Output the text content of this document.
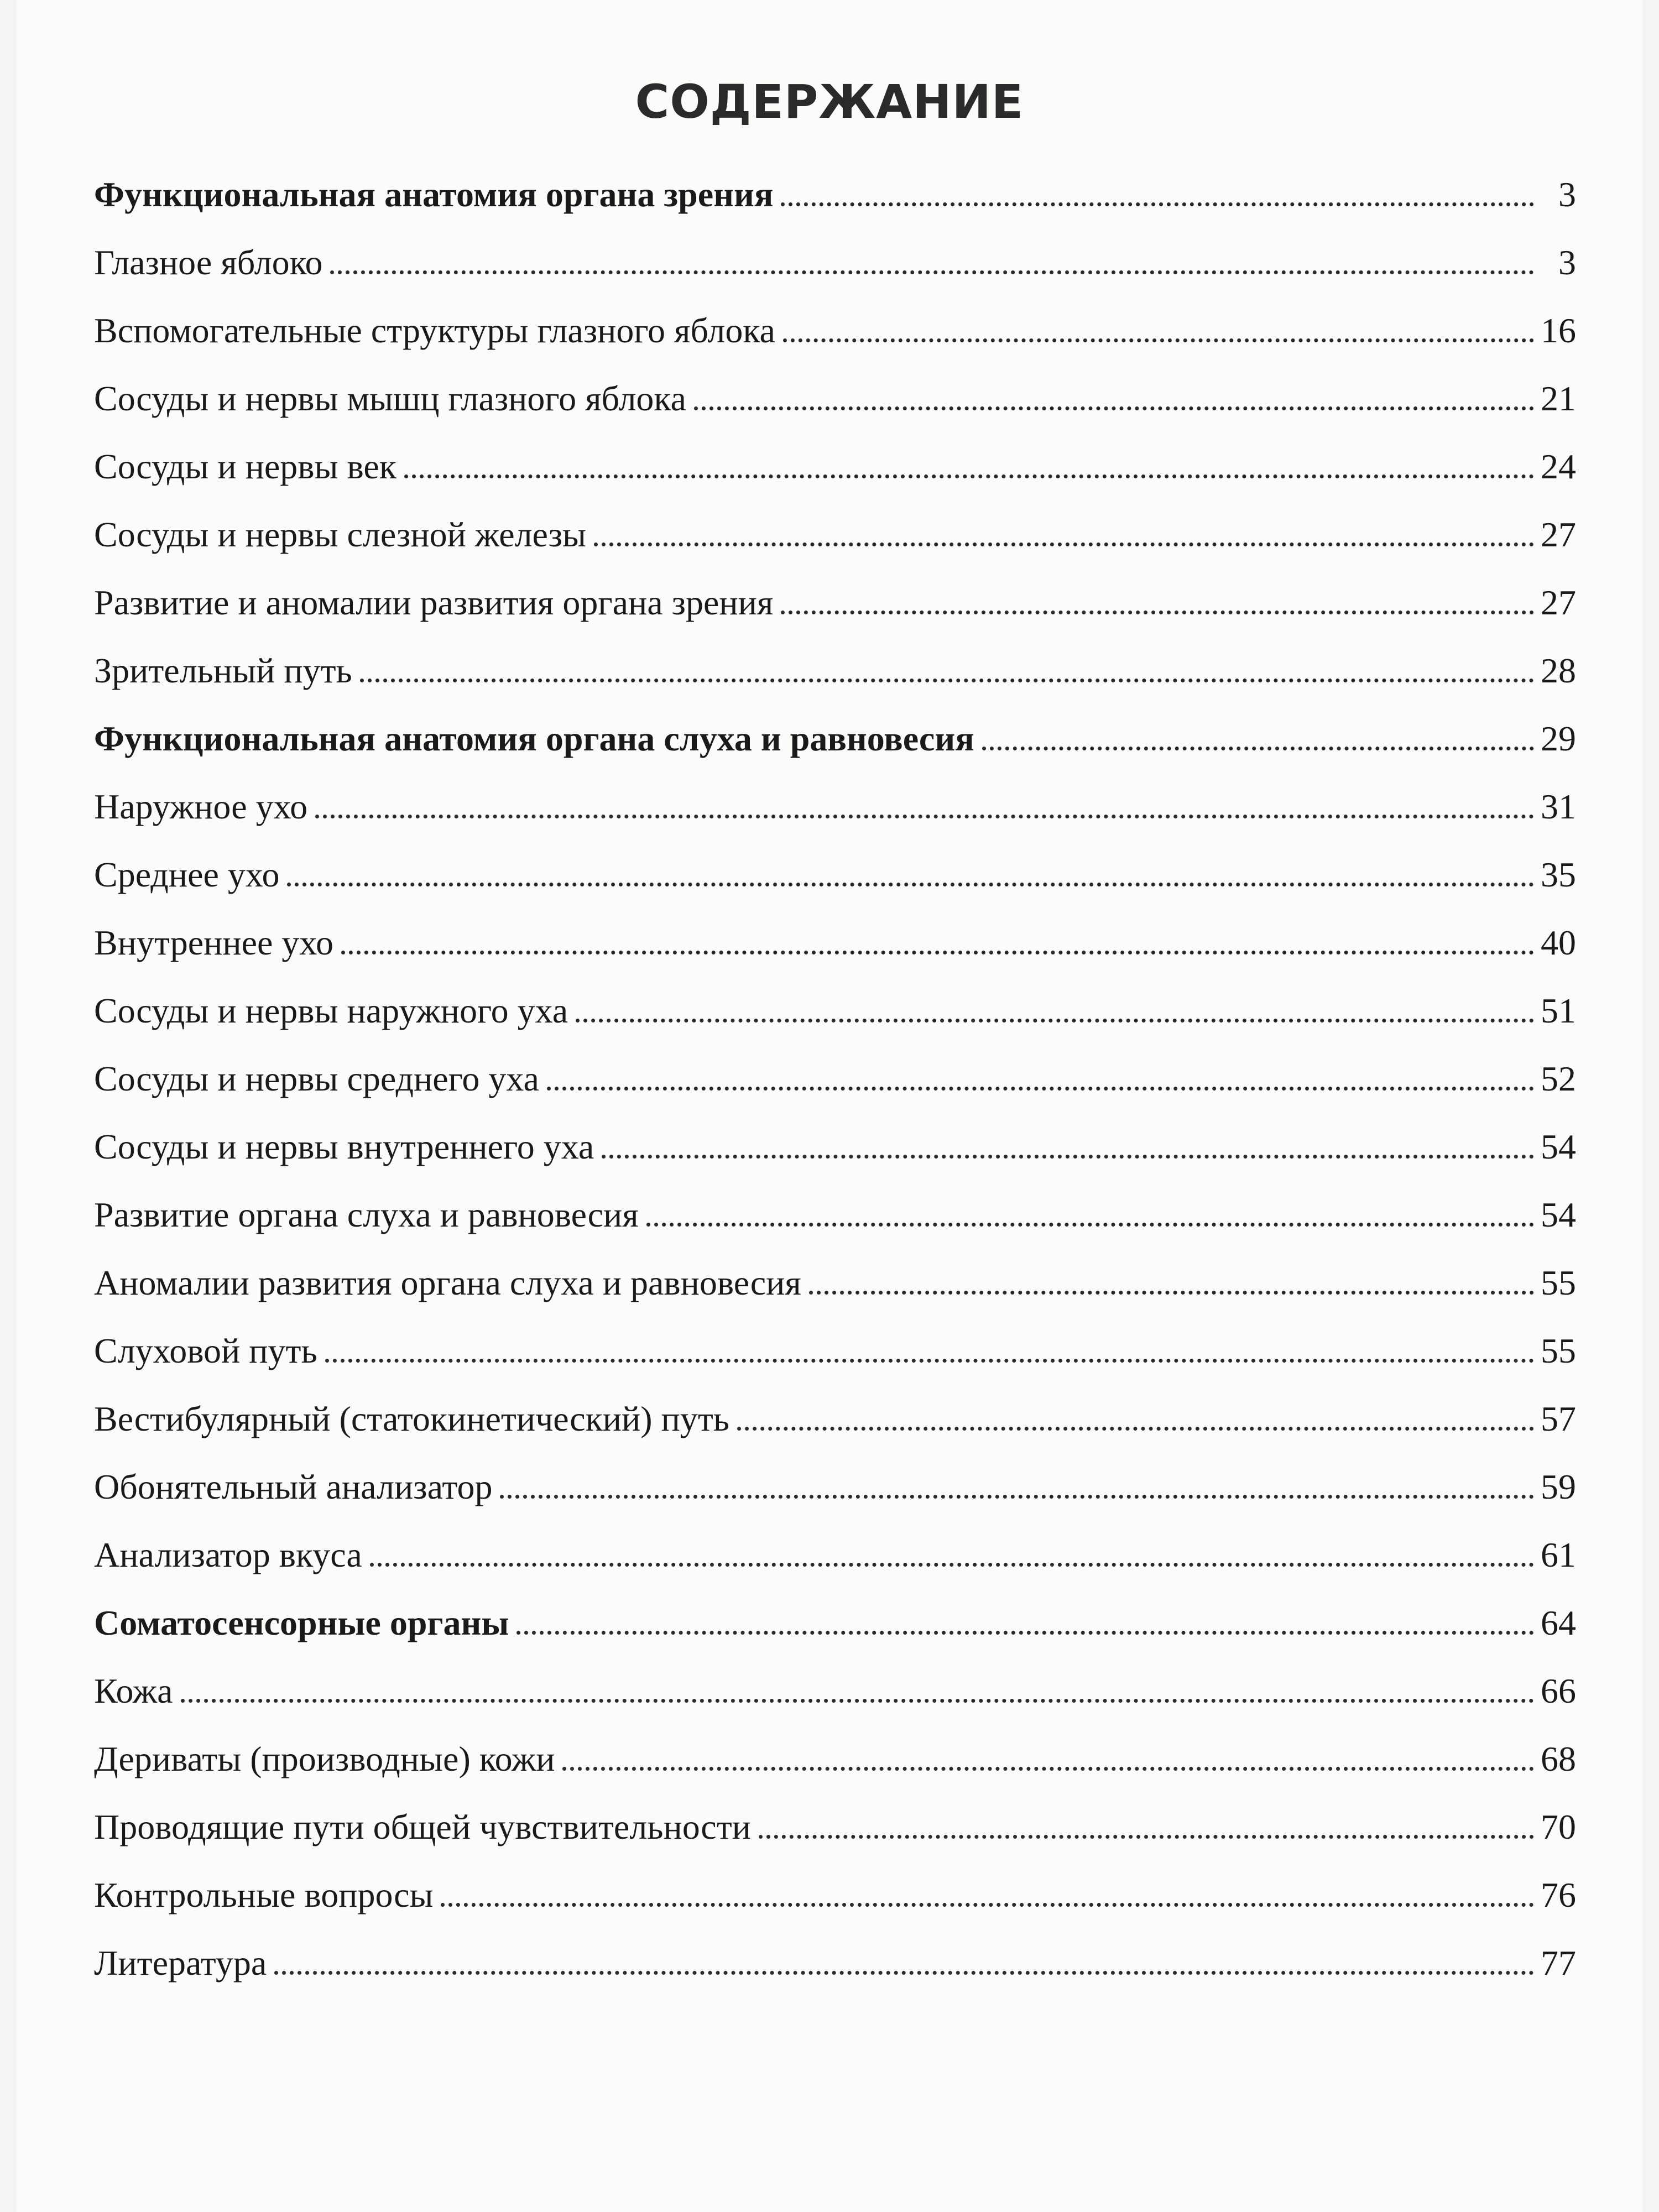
СОДЕРЖАНИЕ
Функциональная анатомия органа зрения	3
Глазное яблоко	3
Вспомогательные структуры глазного яблока	16
Сосуды и нервы мышц глазного яблока	21
Сосуды и нервы век	24
Сосуды и нервы слезной железы	27
Развитие и аномалии развития органа зрения	27
Зрительный путь	28
Функциональная анатомия органа слуха и равновесия	29
Наружное ухо	31
Среднее ухо	35
Внутреннее ухо	40
Сосуды и нервы наружного уха	51
Сосуды и нервы среднего уха	52
Сосуды и нервы внутреннего уха	54
Развитие органа слуха и равновесия	54
Аномалии развития органа слуха и равновесия	55
Слуховой путь	55
Вестибулярный (статокинетический) путь	57
Обонятельный анализатор	59
Анализатор вкуса	61
Соматосенсорные органы	64
Кожа	66
Дериваты (производные) кожи	68
Проводящие пути общей чувствительности	70
Контрольные вопросы	76
Литература	77
